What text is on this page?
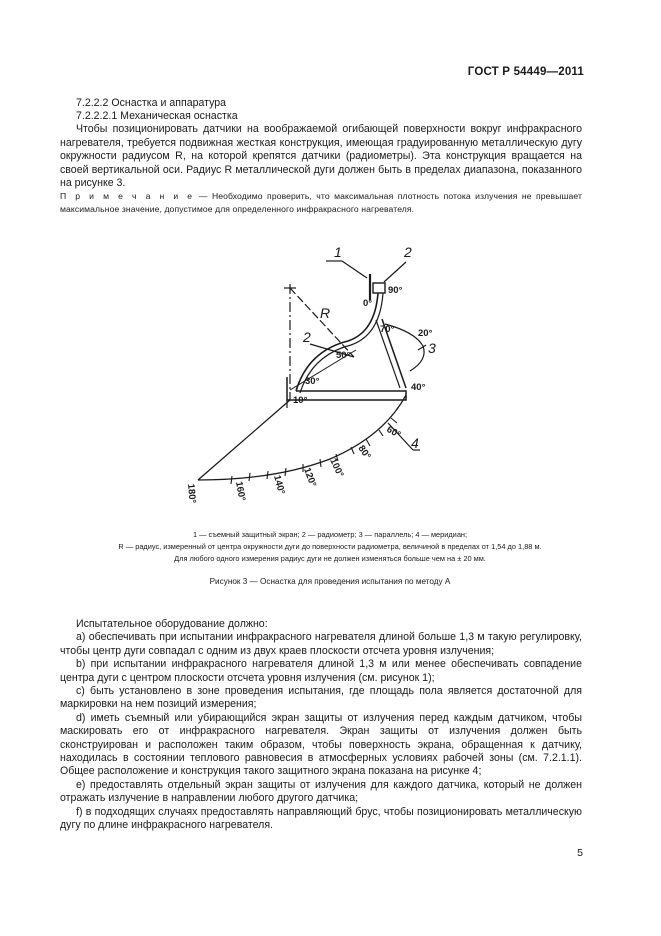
ГОСТ Р 54449—2011
7.2.2.2 Оснастка и аппаратура
7.2.2.2.1 Механическая оснастка
Чтобы позиционировать датчики на воображаемой огибающей поверхности вокруг инфракрасного нагревателя, требуется подвижная жесткая конструкция, имеющая градуированную металлическую дугу окружности радиусом R, на которой крепятся датчики (радиометры). Эта конструкция вращается на своей вертикальной оси. Радиус R металлической дуги должен быть в пределах диапазона, показанного на рисунке 3.
П р и м е ч а н и е — Необходимо проверить, что максимальная плотность потока излучения не превышает максимальное значение, допустимое для определенного инфракрасного нагревателя.
1	2
2
3
4
R
0°
90°
70° 20°
50°
30°
40°
10°
60°
80°
100°
120°
140°
160°
180°
1 — съемный защитный экран; 2 — радиометр; 3 — параллель; 4 — меридиан;
R — радиус, измеренный от центра окружности дуги до поверхности радиометра, величиной в пределах от 1,54 до 1,88 м.
Для любого одного измерения радиус дуги не должен изменяться больше чем на ± 20 мм.
Рисунок 3 — Оснастка для проведения испытания по методу А
Испытательное оборудование должно:
a) обеспечивать при испытании инфракрасного нагревателя длиной больше 1,3 м такую регулировку, чтобы центр дуги совпадал с одним из двух краев плоскости отсчета уровня излучения;
b) при испытании инфракрасного нагревателя длиной 1,3 м или менее обеспечивать совпадение центра дуги с центром плоскости отсчета уровня излучения (см. рисунок 1);
c) быть установлено в зоне проведения испытания, где площадь пола является достаточной для маркировки на нем позиций измерения;
d) иметь съемный или убирающийся экран защиты от излучения перед каждым датчиком, чтобы маскировать его от инфракрасного нагревателя. Экран защиты от излучения должен быть сконструирован и расположен таким образом, чтобы поверхность экрана, обращенная к датчику, находилась в состоянии теплового равновесия в атмосферных условиях рабочей зоны (см. 7.2.1.1). Общее расположение и конструкция такого защитного экрана показана на рисунке 4;
e) предоставлять отдельный экран защиты от излучения для каждого датчика, который не должен отражать излучение в направлении любого другого датчика;
f) в подходящих случаях предоставлять направляющий брус, чтобы позиционировать металлическую дугу по длине инфракрасного нагревателя.
5
